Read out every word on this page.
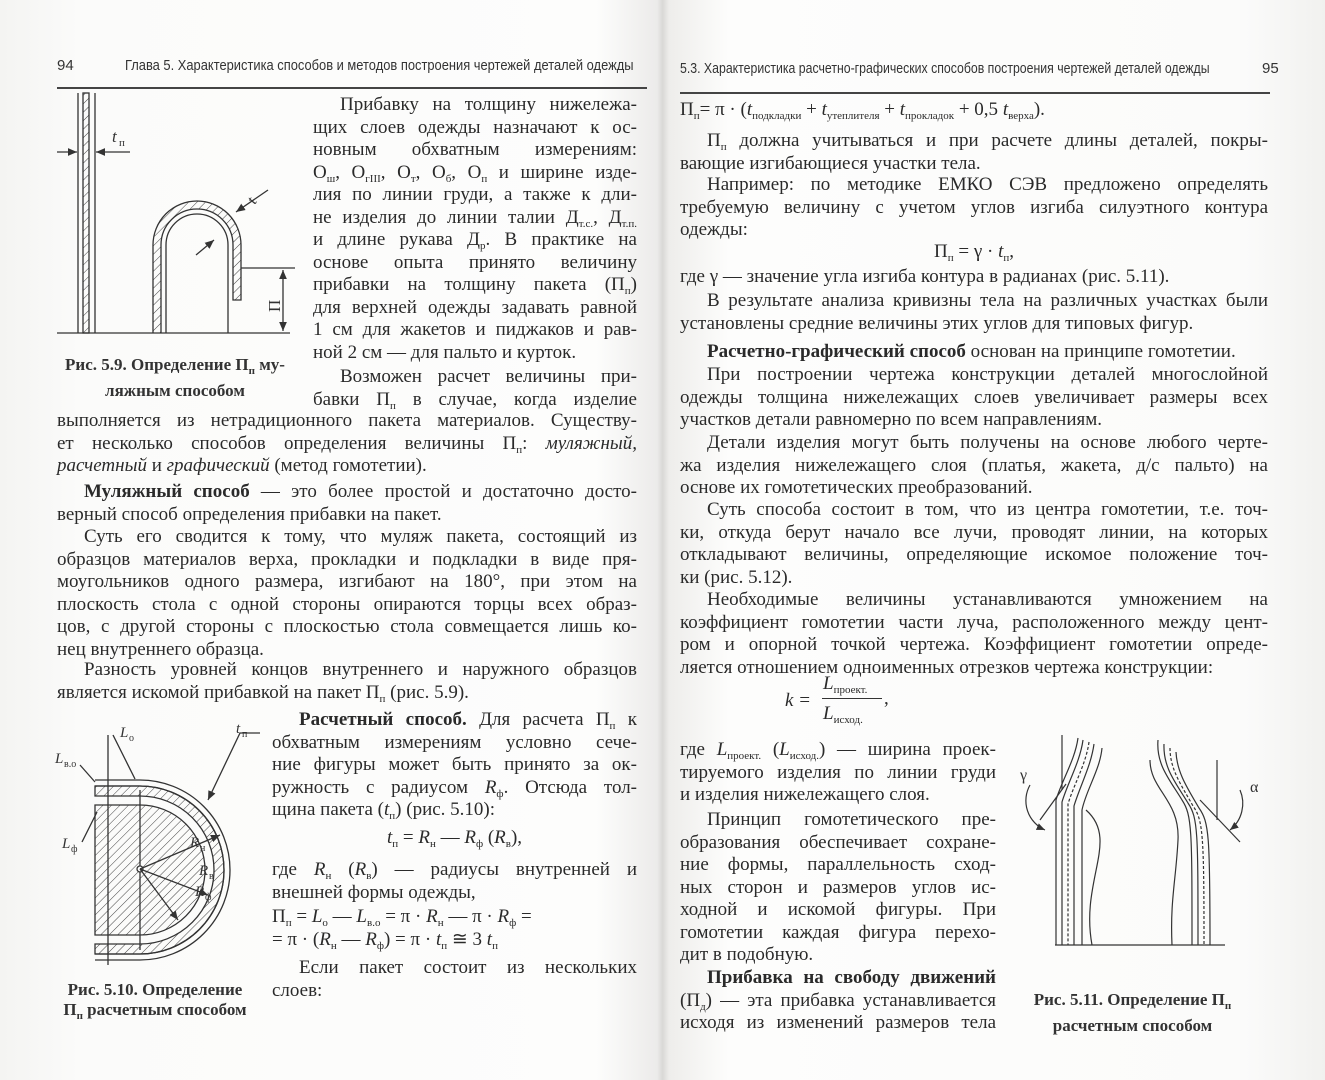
94	Глава 5. Характеристика способов и методов построения чертежей деталей одежды	5.3. Характеристика расчетно-графических способов построения чертежей деталей одежды	95
Прибавку на толщину нижележа-
щих слоев одежды назначают к ос-
новным обхватным измерениям:
$О_ш$, $О_{гIII}$, $О_т$, $О_б$, $О_п$ и ширине изде-
лия по линии груди, а также к дли-
не изделия до линии талии $Д_{т.с.}$, $Д_{т.п.}$
и длине рукава $Д_р$. В практике на
основе опыта принято величину
прибавки на толщину пакета $(П_п)$
для верхней одежды задавать равной
1 см для жакетов и пиджаков и рав-
ной 2 см — для пальто и курток.
Возможен расчет величины при-
бавки $П_п$ в случае, когда изделие
выполняется из нетрадиционного пакета материалов. Существу-
ет несколько способов определения величины $П_п$: муляжный,
расчетный и графический (метод гомотетии).
Муляжный способ — это более простой и достаточно досто-
верный способ определения прибавки на пакет.
Суть его сводится к тому, что муляж пакета, состоящий из
образцов материалов верха, прокладки и подкладки в виде пря-
моугольников одного размера, изгибают на 180°, при этом на
плоскость стола с одной стороны опираются торцы всех образ-
цов, с другой стороны с плоскостью стола совмещается лишь ко-
нец внутреннего образца.
Разность уровней концов внутреннего и наружного образцов
является искомой прибавкой на пакет $П_п$ (рис. 5.9).
Расчетный способ. Для расчета $П_п$ к
обхватным измерениям условно сече-
ние фигуры может быть принято за ок-
ружность с радиусом $R_ф$. Отсюда тол-
щина пакета $(t_п)$ (рис. 5.10):
$t_п = R_н$ — $R_ф$ $(R_в)$,
где $R_н$ $(R_в)$ — радиусы внутренней и
внешней формы одежды,
$П_п = L_о$ — $L_{в.о} = \pi \cdot R_н$ — $\pi \cdot R_ф$ =
= $\pi \cdot (R_н$ — $R_ф) = \pi \cdot t_п$ ≅ 3 $t_п$
Если пакет состоит из нескольких
слоев:
$П_п= \pi \cdot (t_{подкладки} + t_{утеплителя} + t_{прокладок} + 0,5$ $t_{верха}$).
$П_п$ должна учитываться и при расчете длины деталей, покры-
вающие изгибающиеся участки тела.
Например: по методике ЕМКО СЭВ предложено определять
требуемую величину с учетом углов изгиба силуэтного контура
одежды:
$П_п = \gamma \cdot t_п$,
где γ — значение угла изгиба контура в радианах (рис. 5.11).
В результате анализа кривизны тела на различных участках были
установлены средние величины этих углов для типовых фигур.
Расчетно-графический способ основан на принципе гомотетии.
При построении чертежа конструкции деталей многослойной
одежды толщина нижележащих слоев увеличивает размеры всех
участков детали равномерно по всем направлениям.
Детали изделия могут быть получены на основе любого черте-
жа изделия нижележащего слоя (платья, жакета, д/с пальто) на
основе их гомотетических преобразований.
Суть способа состоит в том, что из центра гомотетии, т.е. точ-
ки, откуда берут начало все лучи, проводят линии, на которых
откладывают величины, определяющие искомое положение точ-
ки (рис. 5.12).
Необходимые величины устанавливаются умножением на
коэффициент гомотетии части луча, расположенного между цент-
ром и опорной точкой чертежа. Коэффициент гомотетии опреде-
ляется отношением одноименных отрезков чертежа конструкции:
где $L_{проект.}$ $(L_{исход.})$ — ширина проек-
тируемого изделия по линии груди
и изделия нижележащего слоя.
Принцип гомотетического пре-
образования обеспечивает сохране-
ние формы, параллельность сход-
ных сторон и размеров углов ис-
ходной и искомой фигуры. При
гомотетии каждая фигура перехо-
дит в подобную.
Прибавка на свободу движений
$(П_д)$ — эта прибавка устанавливается
исходя из изменений размеров тела
k =
$L_{проект.}$
$L_{исход.}$
,
Рис. 5.9. Определение $П_п$ му-
ляжным способом
Рис. 5.10. Определение
$П_п$ расчетным способом
Рис. 5.11. Определение $П_п$
расчетным способом
t п
t
П
L о
t п
L в.о
L ф	R н
R в
R ф
γ
α
